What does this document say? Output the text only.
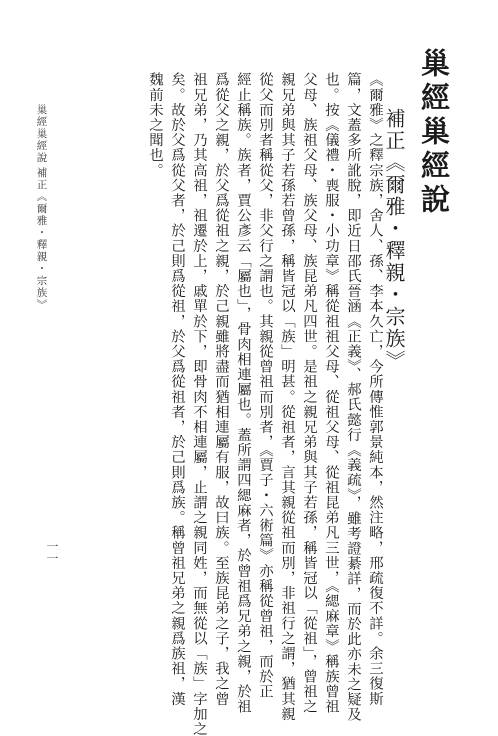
巢經巢經說
補正《爾雅・釋親・宗族》
《爾雅》之釋宗族，舍人、孫、李本久亡，今所傳惟郭景純本，然注略，邢疏復不詳。余三復斯
篇，文蓋多所訛脫，即近日邵氏晉涵《正義》、郝氏懿行《義疏》，雖考證綦詳，而於此亦未之疑及
也。按《儀禮・喪服・小功章》稱從祖祖父母、從祖父母、從祖昆弟凡三世，《緦麻章》稱族曾祖
父母、族祖父母、族父母、族昆弟凡四世。是祖之親兄弟與其子若孫，稱皆冠以「從祖」，曾祖之
親兄弟與其子若孫若曾孫，稱皆冠以「族」明甚。從祖者，言其親從祖而別，非祖行之謂，猶其親
從父而別者稱從父，非父行之謂也。其親從曾祖而別者，《賈子・六術篇》亦稱從曾祖，而於正
經止稱族。族者，賈公彥云「屬也」，骨肉相連屬也。蓋所謂四緦麻者，於曾祖爲兄弟之親，於祖
爲從父之親，於父爲從祖之親，於己親雖將盡而猶相連屬有服，故曰族。至族昆弟之子，我之曾
祖兄弟，乃其高祖，祖遷於上，戚單於下，即骨肉不相連屬，止謂之親同姓，而無從以「族」字加之
矣。故於父爲從父者，於己則爲從祖，於父爲從祖者，於己則爲族。稱曾祖兄弟之親爲族祖，漢
魏前未之聞也。
巢經巢經說
補正《爾雅・釋親・宗族》
一一
